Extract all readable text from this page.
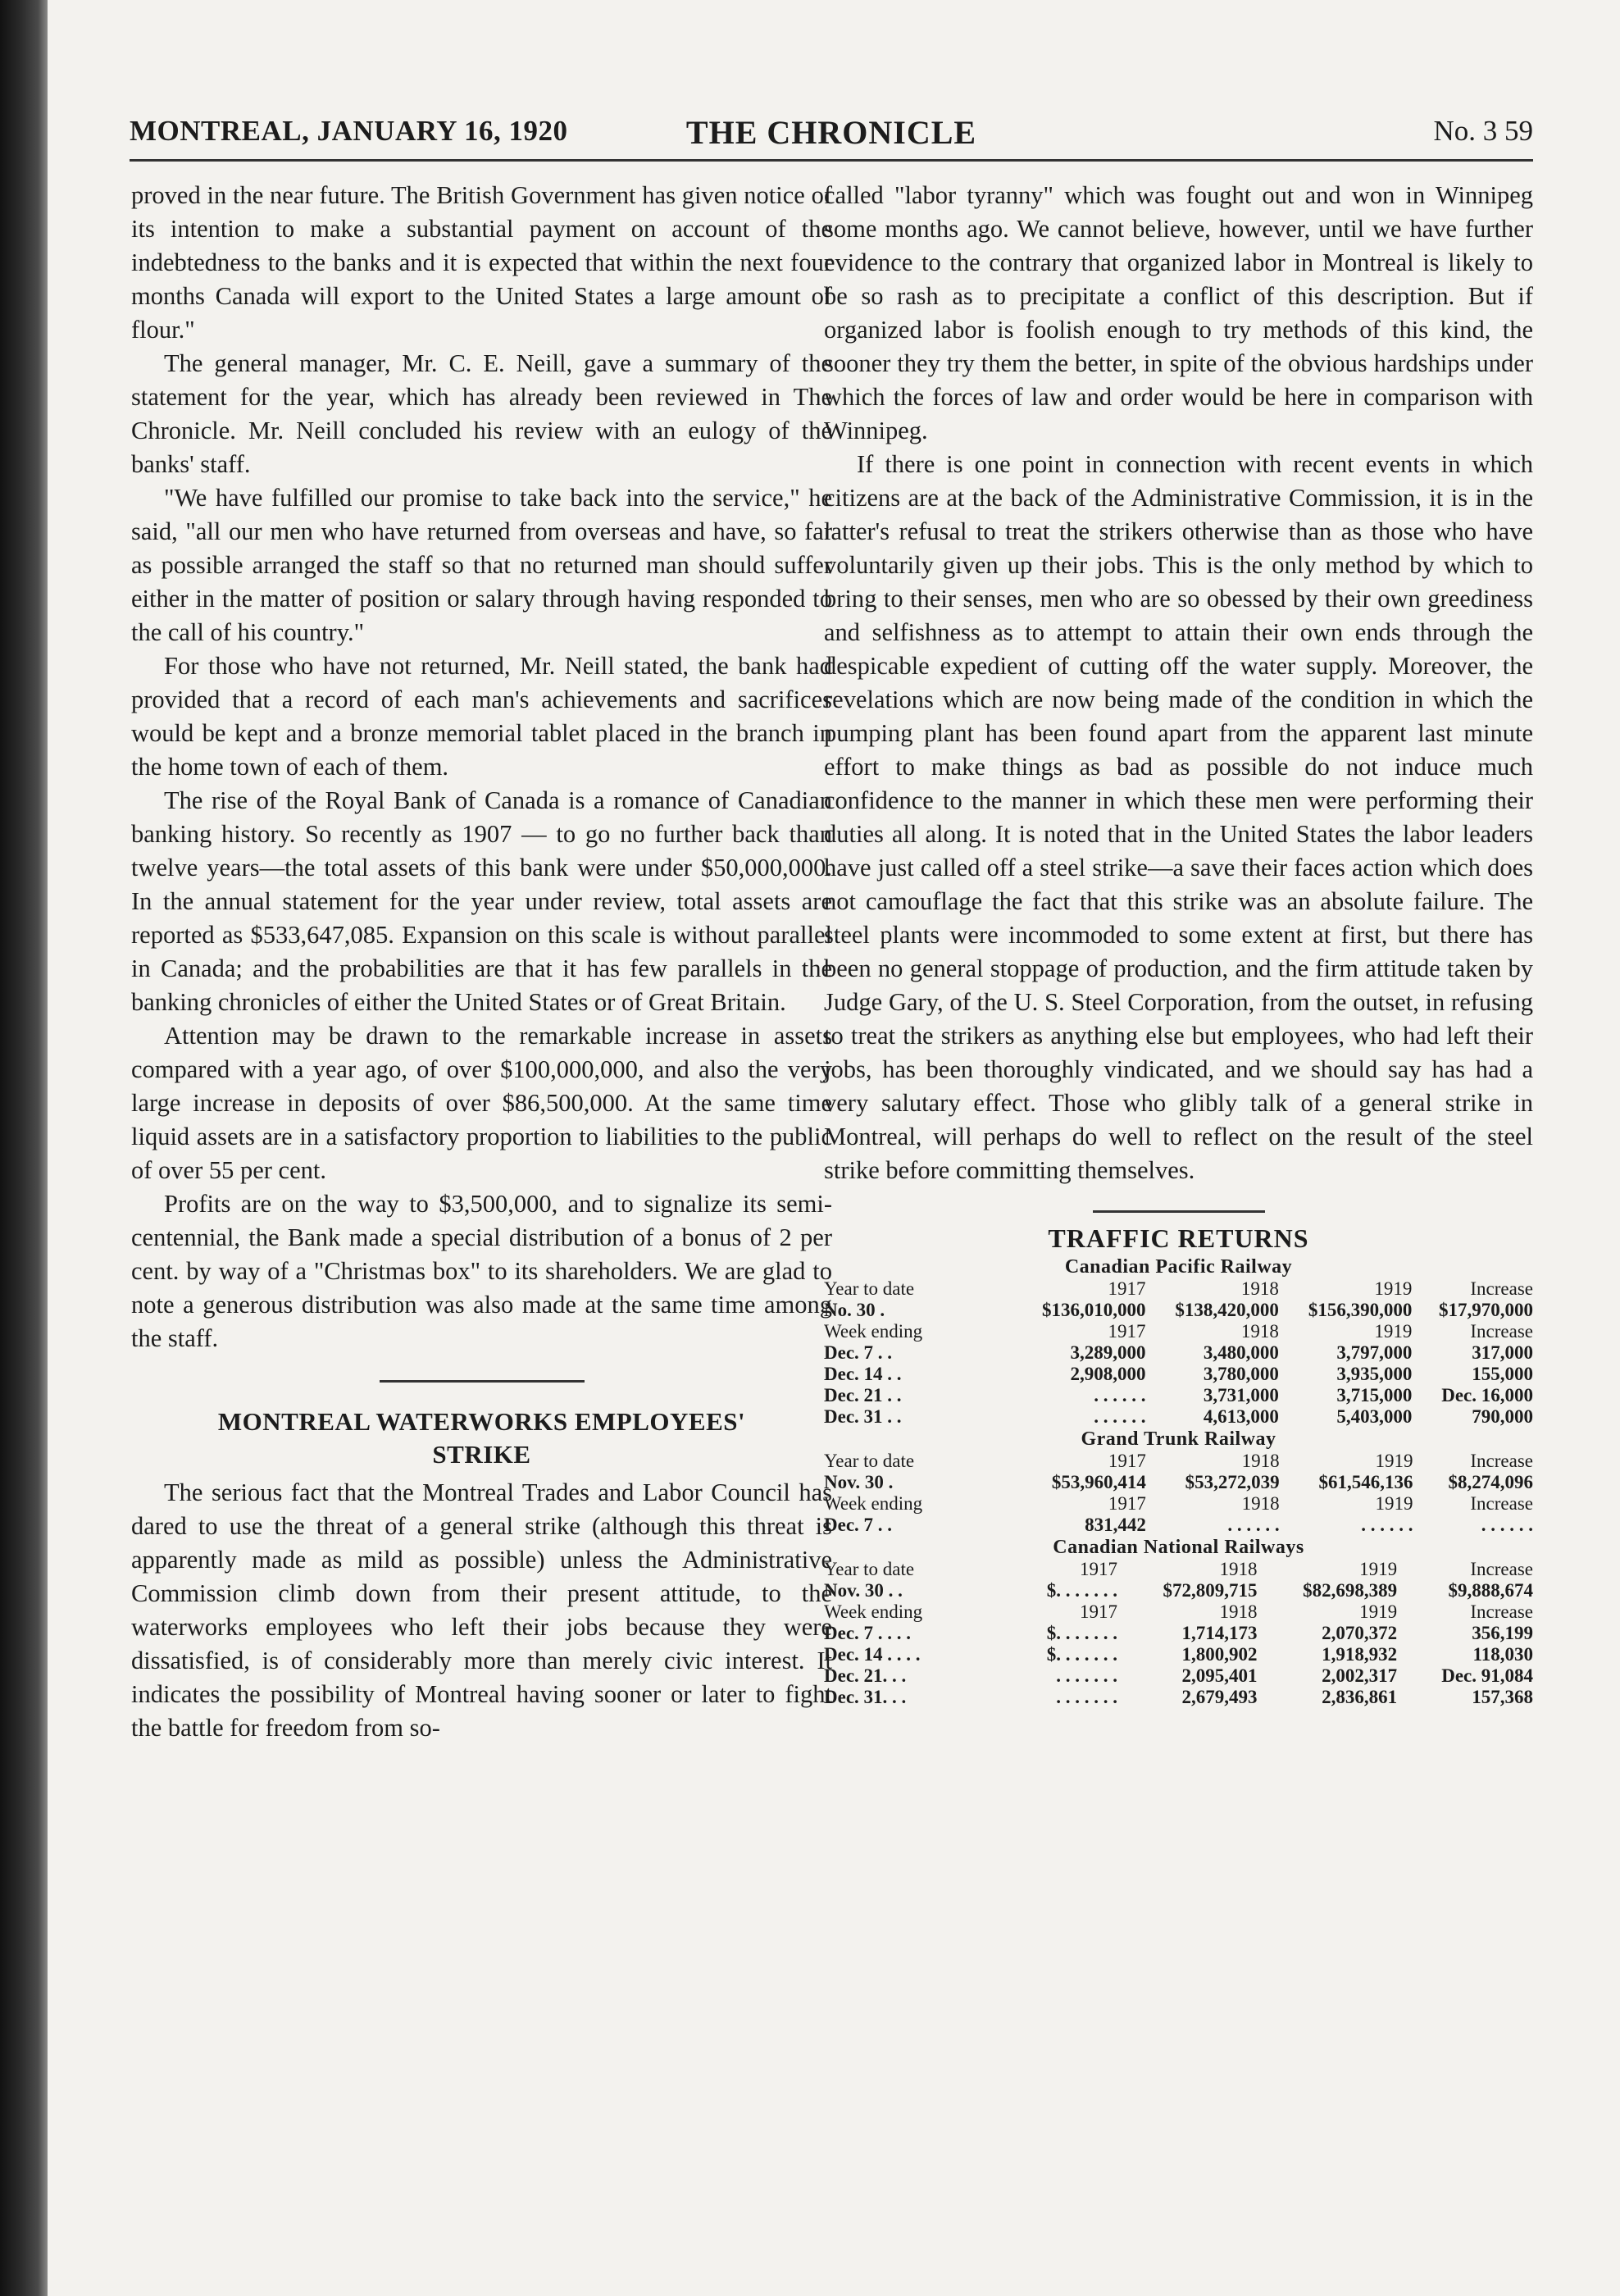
MONTREAL, JANUARY 16, 1920	THE CHRONICLE	No. 3 59

proved in the near future. The British Government has given notice of its intention to make a substantial payment on account of the indebtedness to the banks and it is expected that within the next four months Canada will export to the United States a large amount of flour."

The general manager, Mr. C. E. Neill, gave a summary of the statement for the year, which has already been reviewed in The Chronicle. Mr. Neill concluded his review with an eulogy of the banks' staff.

"We have fulfilled our promise to take back into the service," he said, "all our men who have returned from overseas and have, so far as possible arranged the staff so that no returned man should suffer either in the matter of position or salary through having responded to the call of his country."

For those who have not returned, Mr. Neill stated, the bank had provided that a record of each man's achievements and sacrifices would be kept and a bronze memorial tablet placed in the branch in the home town of each of them.

The rise of the Royal Bank of Canada is a romance of Canadian banking history. So recently as 1907 — to go no further back than twelve years—the total assets of this bank were under $50,000,000. In the annual statement for the year under review, total assets are reported as $533,647,085. Expansion on this scale is without parallel in Canada; and the probabilities are that it has few parallels in the banking chronicles of either the United States or of Great Britain.

Attention may be drawn to the remarkable increase in assets compared with a year ago, of over $100,000,000, and also the very large increase in deposits of over $86,500,000. At the same time liquid assets are in a satisfactory proportion to liabilities to the public of over 55 per cent.

Profits are on the way to $3,500,000, and to signalize its semi-centennial, the Bank made a special distribution of a bonus of 2 per cent. by way of a "Christmas box" to its shareholders. We are glad to note a generous distribution was also made at the same time among the staff.

MONTREAL WATERWORKS EMPLOYEES'
STRIKE

The serious fact that the Montreal Trades and Labor Council has dared to use the threat of a general strike (although this threat is apparently made as mild as possible) unless the Administrative Commission climb down from their present attitude, to the waterworks employees who left their jobs because they were dissatisfied, is of considerably more than merely civic interest. It indicates the possibility of Montreal having sooner or later to fight the battle for freedom from so-

called "labor tyranny" which was fought out and won in Winnipeg some months ago. We cannot believe, however, until we have further evidence to the contrary that organized labor in Montreal is likely to be so rash as to precipitate a conflict of this description. But if organized labor is foolish enough to try methods of this kind, the sooner they try them the better, in spite of the obvious hardships under which the forces of law and order would be here in comparison with Winnipeg.

If there is one point in connection with recent events in which citizens are at the back of the Administrative Commission, it is in the latter's refusal to treat the strikers otherwise than as those who have voluntarily given up their jobs. This is the only method by which to bring to their senses, men who are so obessed by their own greediness and selfishness as to attempt to attain their own ends through the despicable expedient of cutting off the water supply. Moreover, the revelations which are now being made of the condition in which the pumping plant has been found apart from the apparent last minute effort to make things as bad as possible do not induce much confidence to the manner in which these men were performing their duties all along. It is noted that in the United States the labor leaders have just called off a steel strike—a save their faces action which does not camouflage the fact that this strike was an absolute failure. The steel plants were incommoded to some extent at first, but there has been no general stoppage of production, and the firm attitude taken by Judge Gary, of the U. S. Steel Corporation, from the outset, in refusing to treat the strikers as anything else but employees, who had left their jobs, has been thoroughly vindicated, and we should say has had a very salutary effect. Those who glibly talk of a general strike in Montreal, will perhaps do well to reflect on the result of the steel strike before committing themselves.

TRAFFIC RETURNS
Canadian Pacific Railway
Year to date	1917	1918	1919	Increase
No. 30 .	$136,010,000	$138,420,000	$156,390,000	$17,970,000
Week ending	1917	1918	1919	Increase
Dec. 7 . .	3,289,000	3,480,000	3,797,000	317,000
Dec. 14 . .	2,908,000	3,780,000	3,935,000	155,000
Dec. 21 . .	. . . . . .	3,731,000	3,715,000	Dec. 16,000
Dec. 31 . .	. . . . . .	4,613,000	5,403,000	790,000
Grand Trunk Railway
Year to date	1917	1918	1919	Increase
Nov. 30 .	$53,960,414	$53,272,039	$61,546,136	$8,274,096
Week ending	1917	1918	1919	Increase
Dec. 7 . .	831,442	. . . . . .	. . . . . .	. . . . . .
Canadian National Railways
Year to date	1917	1918	1919	Increase
Nov. 30 . .	$. . . . . . .	$72,809,715	$82,698,389	$9,888,674
Week ending	1917	1918	1919	Increase
Dec. 7 . . . .	$. . . . . . .	1,714,173	2,070,372	356,199
Dec. 14 . . . .	$. . . . . . .	1,800,902	1,918,932	118,030
Dec. 21. . .	. . . . . . .	2,095,401	2,002,317	Dec. 91,084
Dec. 31. . .	. . . . . . .	2,679,493	2,836,861	157,368
